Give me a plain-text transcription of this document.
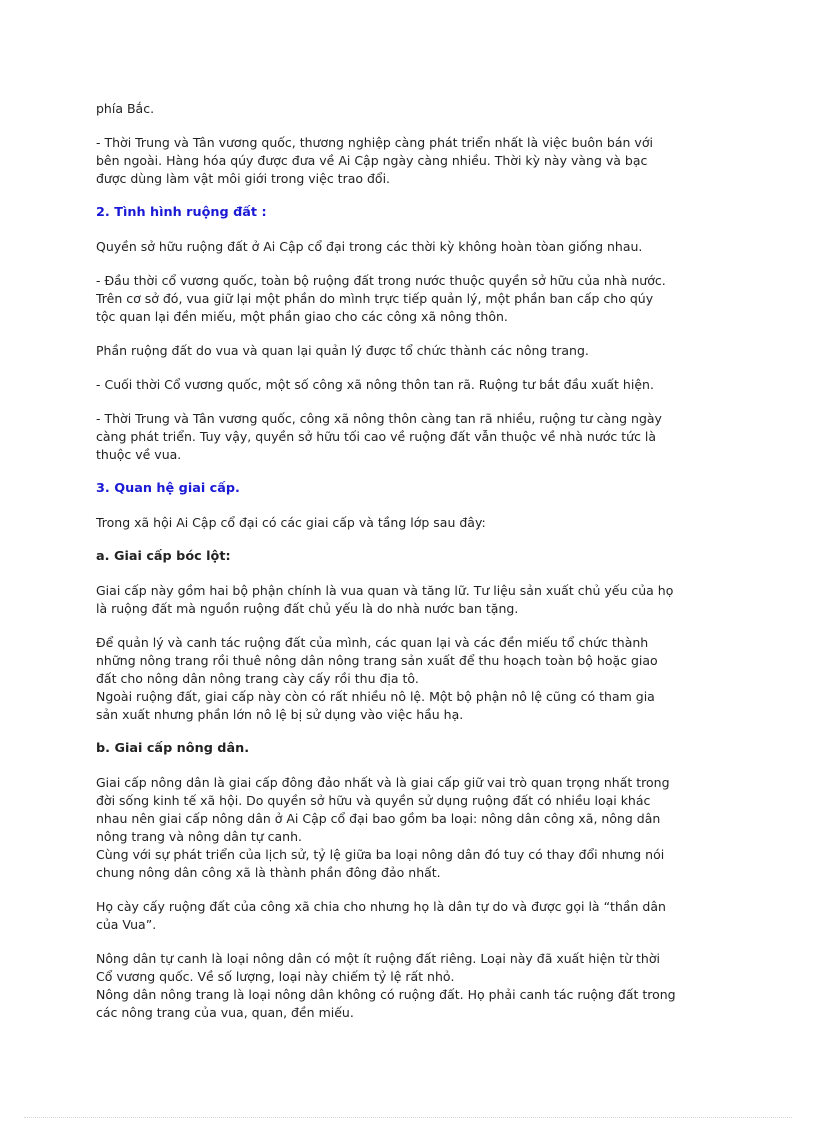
phía Bắc.

- Thời Trung và Tân vương quốc, thương nghiệp càng phát triển nhất là việc buôn bán với

bên ngoài. Hàng hóa qúy được đưa về Ai Cập ngày càng nhiều. Thời kỳ này vàng và bạc

được dùng làm vật môi giới trong việc trao đổi.

2. Tình hình ruộng đất :

Quyền sở hữu ruộng đất ở Ai Cập cổ đại trong các thời kỳ không hoàn tòan giống nhau.

- Đầu thời cổ vương quốc, toàn bộ ruộng đất trong nước thuộc quyền sở hữu của nhà nước.

Trên cơ sở đó, vua giữ lại một phần do mình trực tiếp quản lý, một phần ban cấp cho qúy

tộc quan lại đền miếu, một phần giao cho các công xã nông thôn.

Phần ruộng đất do vua và quan lại quản lý được tổ chức thành các nông trang.

- Cuối thời Cổ vương quốc, một số công xã nông thôn tan rã. Ruộng tư bắt đầu xuất hiện.

- Thời Trung và Tân vương quốc, công xã nông thôn càng tan rã nhiều, ruộng tư càng ngày

càng phát triển. Tuy vậy, quyền sở hữu tối cao về ruộng đất vẫn thuộc về nhà nước tức là

thuộc về vua.

3. Quan hệ giai cấp.

Trong xã hội Ai Cập cổ đại có các giai cấp và tầng lớp sau đây:

a. Giai cấp bóc lột:

Giai cấp này gồm hai bộ phận chính là vua quan và tăng lữ. Tư liệu sản xuất chủ yếu của họ

là ruộng đất mà nguồn ruộng đất chủ yếu là do nhà nước ban tặng.

Để quản lý và canh tác ruộng đất của mình, các quan lại và các đền miếu tổ chức thành

những nông trang rồi thuê nông dân nông trang sản xuất để thu hoạch toàn bộ hoặc giao

đất cho nông dân nông trang cày cấy rồi thu địa tô.

Ngoài ruộng đất, giai cấp này còn có rất nhiều nô lệ. Một bộ phận nô lệ cũng có tham gia

sản xuất nhưng phần lớn nô lệ bị sử dụng vào việc hầu hạ.

b. Giai cấp nông dân.

Giai cấp nông dân là giai cấp đông đảo nhất và là giai cấp giữ vai trò quan trọng nhất trong

đời sống kinh tế xã hội. Do quyền sở hữu và quyền sử dụng ruộng đất có nhiều loại khác

nhau nên giai cấp nông dân ở Ai Cập cổ đại bao gồm ba loại: nông dân công xã, nông dân

nông trang và nông dân tự canh.

Cùng với sự phát triển của lịch sử, tỷ lệ giữa ba loại nông dân đó tuy có thay đổi nhưng nói

chung nông dân công xã là thành phần đông đảo nhất.

Họ cày cấy ruộng đất của công xã chia cho nhưng họ là dân tự do và được gọi là “thần dân

của Vua”.

Nông dân tự canh là loại nông dân có một ít ruộng đất riêng. Loại này đã xuất hiện từ thời

Cổ vương quốc. Về số lượng, loại này chiếm tỷ lệ rất nhỏ.

Nông dân nông trang là loại nông dân không có ruộng đất. Họ phải canh tác ruộng đất trong

các nông trang của vua, quan, đền miếu.
